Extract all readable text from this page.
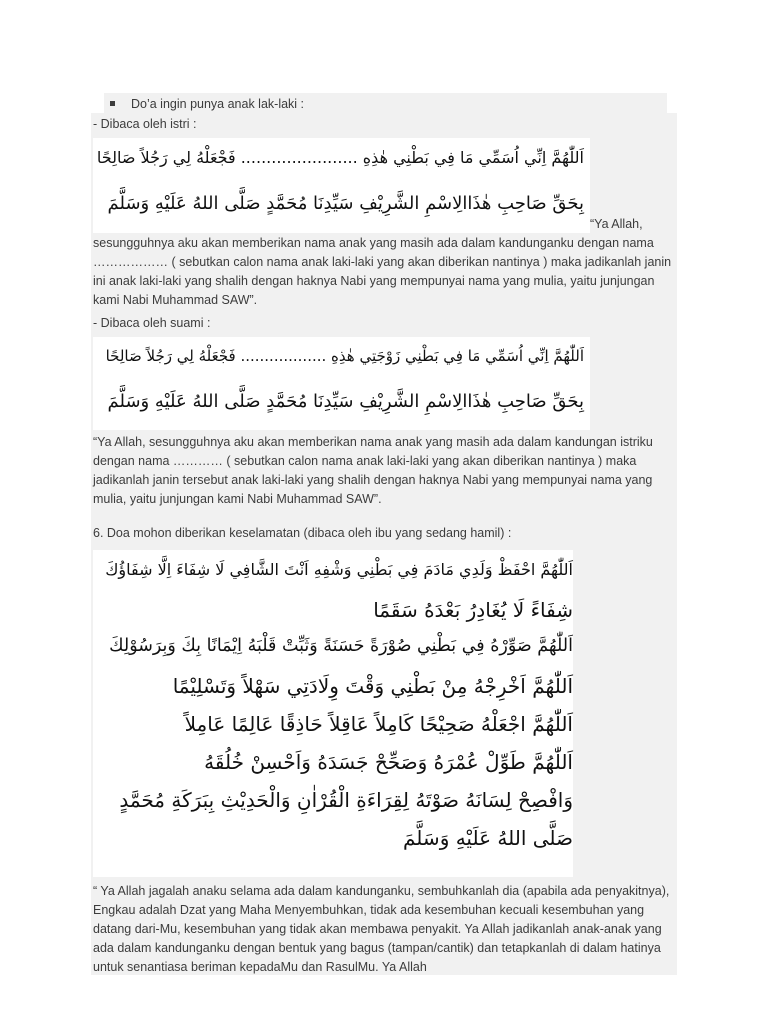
Do’a ingin punya anak lak-laki :
- Dibaca oleh istri :
اَللّٰهُمَّ اِنِّي اُسَمِّي مَا فِي بَطْنِي هٰذِهِ ....................... فَجْعَلْهُ لِي رَجُلاً صَالِحًا
بِحَقِّ صَاحِبِ هٰذَاالِاسْمِ الشَّرِيْفِ سَيِّدِنَا مُحَمَّدٍ صَلَّى اللهُ عَلَيْهِ وَسَلَّمَ
“Ya Allah,
sesungguhnya aku akan memberikan nama anak yang masih ada dalam kandunganku dengan nama ……………… ( sebutkan calon nama anak laki-laki yang akan diberikan nantinya ) maka jadikanlah janin ini anak laki-laki yang shalih dengan haknya Nabi yang mempunyai nama yang mulia, yaitu junjungan kami Nabi Muhammad SAW”.
- Dibaca oleh suami :
اَللّٰهُمَّ اِنِّي اُسَمِّي مَا فِي بَطْنِي زَوْجَتِي هٰذِهِ .................. فَجْعَلْهُ لِي رَجُلاً صَالِحًا
بِحَقِّ صَاحِبِ هٰذَاالِاسْمِ الشَّرِيْفِ سَيِّدِنَا مُحَمَّدٍ صَلَّى اللهُ عَلَيْهِ وَسَلَّمَ
“Ya Allah, sesungguhnya aku akan memberikan nama anak yang masih ada dalam kandungan istriku dengan nama ………… ( sebutkan calon nama anak laki-laki yang akan diberikan nantinya ) maka jadikanlah janin tersebut anak laki-laki yang shalih dengan haknya Nabi yang mempunyai nama yang mulia, yaitu junjungan kami Nabi Muhammad SAW”.
6. Doa mohon diberikan keselamatan (dibaca oleh ibu yang sedang hamil) :
اَللّٰهُمَّ احْفَظْ وَلَدِي مَادَمَ فِي بَطْنِي وَشْفِهِ اَنْتَ الشَّافِي لَا شِفَاءَ اِلَّا شِفَاؤُكَ
شِفَاءً لَا يُغَادِرُ بَعْدَهُ سَقَمًا
اَللّٰهُمَّ صَوِّرْهُ فِي بَطْنِي صُوْرَةً حَسَنَةً وَثَبِّتْ قَلْبَهُ اِيْمَانًا بِكَ وَبِرَسُوْلِكَ
اَللّٰهُمَّ اَخْرِجْهُ مِنْ بَطْنِي وَقْتَ وِلَادَتِي سَهْلاً وَتَسْلِيْمًا
اَللّٰهُمَّ اجْعَلْهُ صَحِيْحًا كَامِلاً عَاقِلاً حَاذِقًا عَالِمًا عَامِلاً
اَللّٰهُمَّ طَوِّلْ عُمْرَهُ وَصَحِّحْ جَسَدَهُ وَاَحْسِنْ خُلُقَهُ
وَافْصِحْ لِسَانَهُ صَوْتَهُ لِقِرَاءَةِ الْقُرْاٰنِ وَالْحَدِيْثِ بِبَرَكَةِ مُحَمَّدٍ
صَلَّى اللهُ عَلَيْهِ وَسَلَّمَ
“ Ya Allah jagalah anaku selama ada dalam kandunganku, sembuhkanlah dia (apabila ada penyakitnya), Engkau adalah Dzat yang Maha Menyembuhkan, tidak ada kesembuhan kecuali kesembuhan yang datang dari-Mu, kesembuhan yang tidak akan membawa penyakit. Ya Allah jadikanlah anak-anak yang ada dalam kandunganku dengan bentuk yang bagus (tampan/cantik) dan tetapkanlah di dalam hatinya untuk senantiasa beriman kepadaMu dan RasulMu. Ya Allah
